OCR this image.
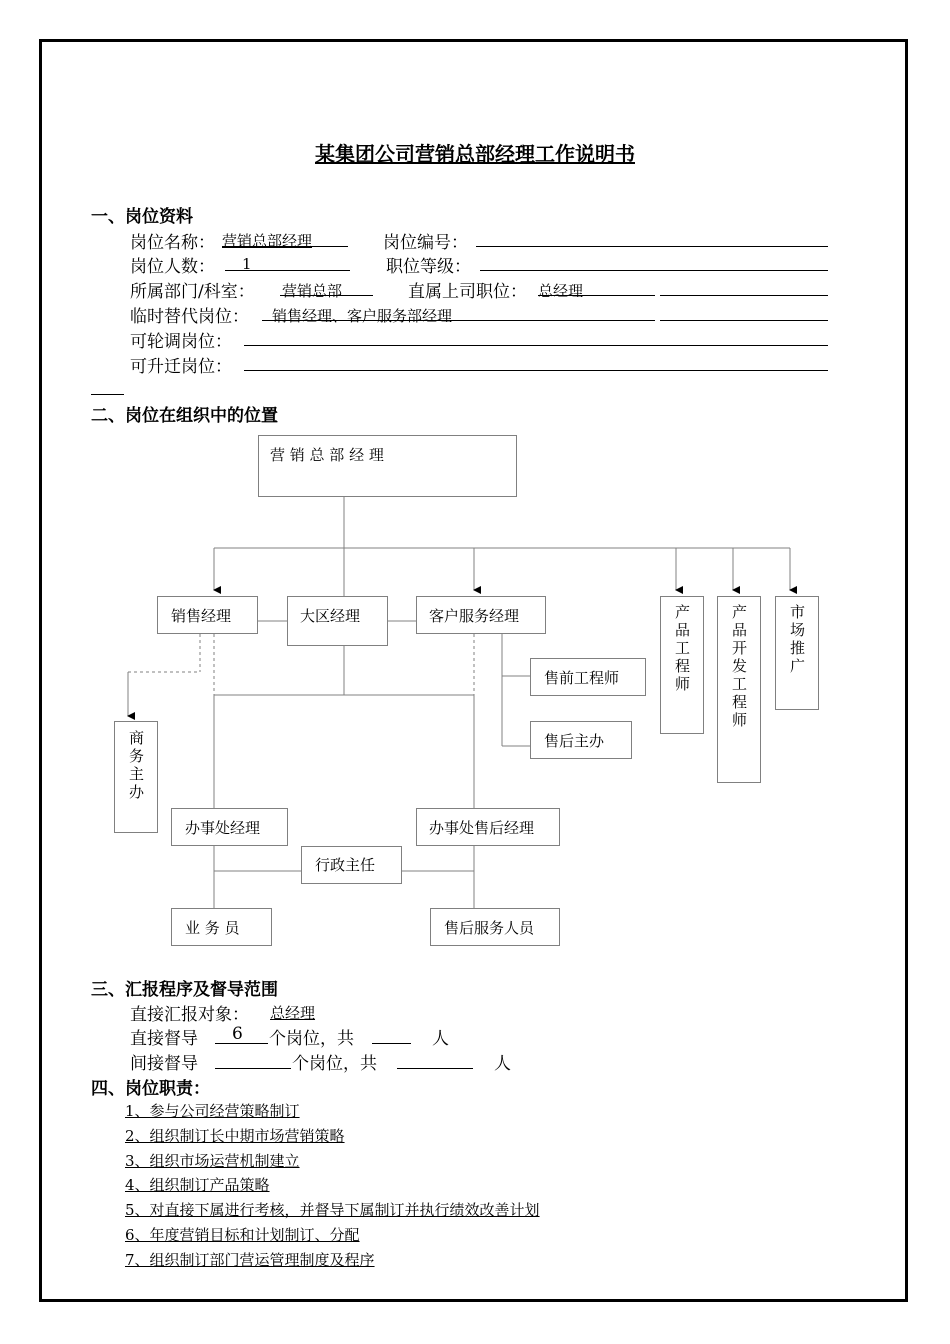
某集团公司营销总部经理工作说明书
一、岗位资料
岗位名称： 营销总部经理	岗位编号：
岗位人数： 1	职位等级：
所属部门/科室： 营销总部	直属上司职位： 总经理
临时替代岗位： 销售经理、客户服务部经理
可轮调岗位：
可升迁岗位：
二、岗位在组织中的位置
营 销 总 部 经 理
销售经理	大区经理	客户服务经理	产
品
工
程
师
产
品
开
发
工
程
师
市
场
推
广
售前工程师
售后主办
商
务
主
办
办事处经理	办事处售后经理
行政主任
业 务 员	售后服务人员
三、汇报程序及督导范围
直接汇报对象： 总经理
直接督导 6 个岗位，共	人
间接督导	个岗位，共	人
四、岗位职责：
1、参与公司经营策略制订
2、组织制订长中期市场营销策略
3、组织市场运营机制建立
4、组织制订产品策略
5、对直接下属进行考核，并督导下属制订并执行绩效改善计划
6、年度营销目标和计划制订、分配
7、组织制订部门营运管理制度及程序
